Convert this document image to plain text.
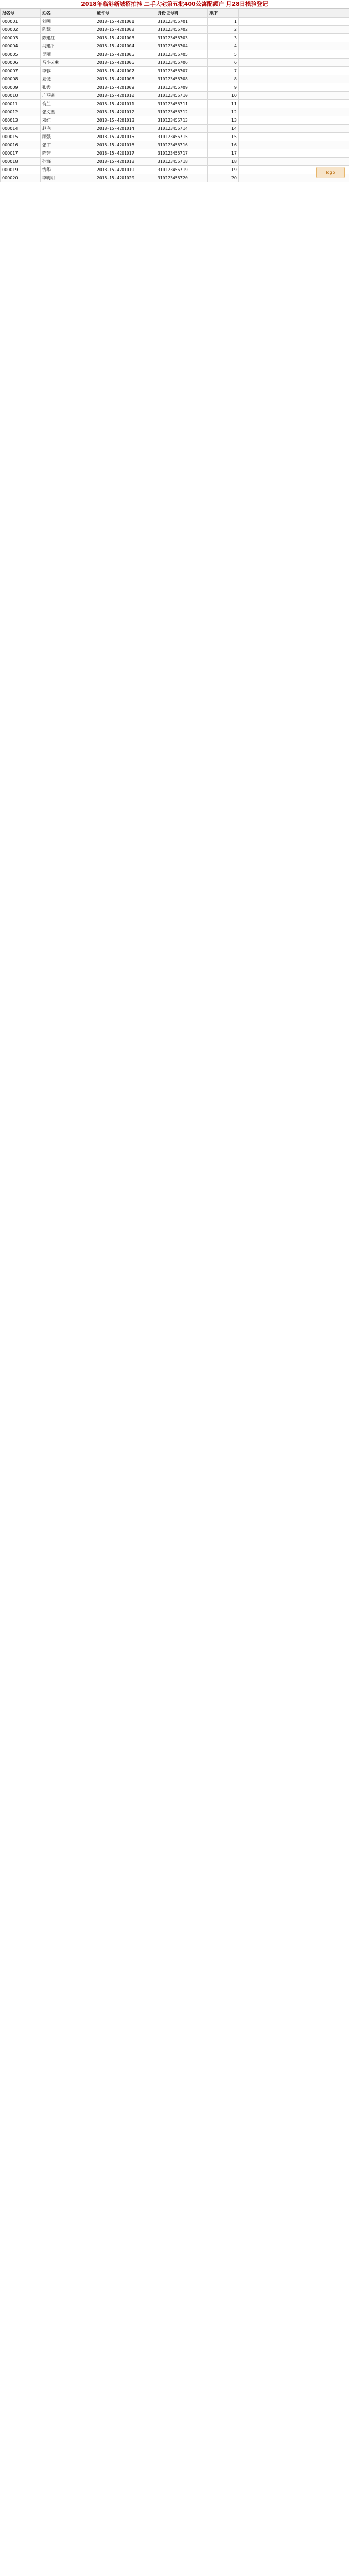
2018年临港新城招拍挂 二手大宅第五批400公寓配额户 月28日核验登记
报名号	姓名	证件号	身份证号码	排序	
000001	刘明	2018-15-4201001	310123456701	1	
000002	陈慧	2018-15-4201002	310123456702	2	
000003	陈建红	2018-15-4201003	310123456703	3	
000004	冯建平	2018-15-4201004	310123456704	4	
000005	吴丽	2018-15-4201005	310123456705	5	
000006	马小云琳	2018-15-4201006	310123456706	6	
000007	李蓉	2018-15-4201007	310123456707	7	
000008	夏俊	2018-15-4201008	310123456708	8	
000009	张秀	2018-15-4201009	310123456709	9	
000010	广琴燕	2018-15-4201010	310123456710	10	
000011	俞兰	2018-15-4201011	310123456711	11	
000012	张文燕	2018-15-4201012	310123456712	12	
000013	邓红	2018-15-4201013	310123456713	13	
000014	赵艳	2018-15-4201014	310123456714	14	
000015	顾强	2018-15-4201015	310123456715	15	
000016	张宇	2018-15-4201016	310123456716	16	
000017	陈芳	2018-15-4201017	310123456717	17	
000018	孙海	2018-15-4201018	310123456718	18	
000019	钱华	2018-15-4201019	310123456719	19	
000020	李明明	2018-15-4201020	310123456720	20	
logo
